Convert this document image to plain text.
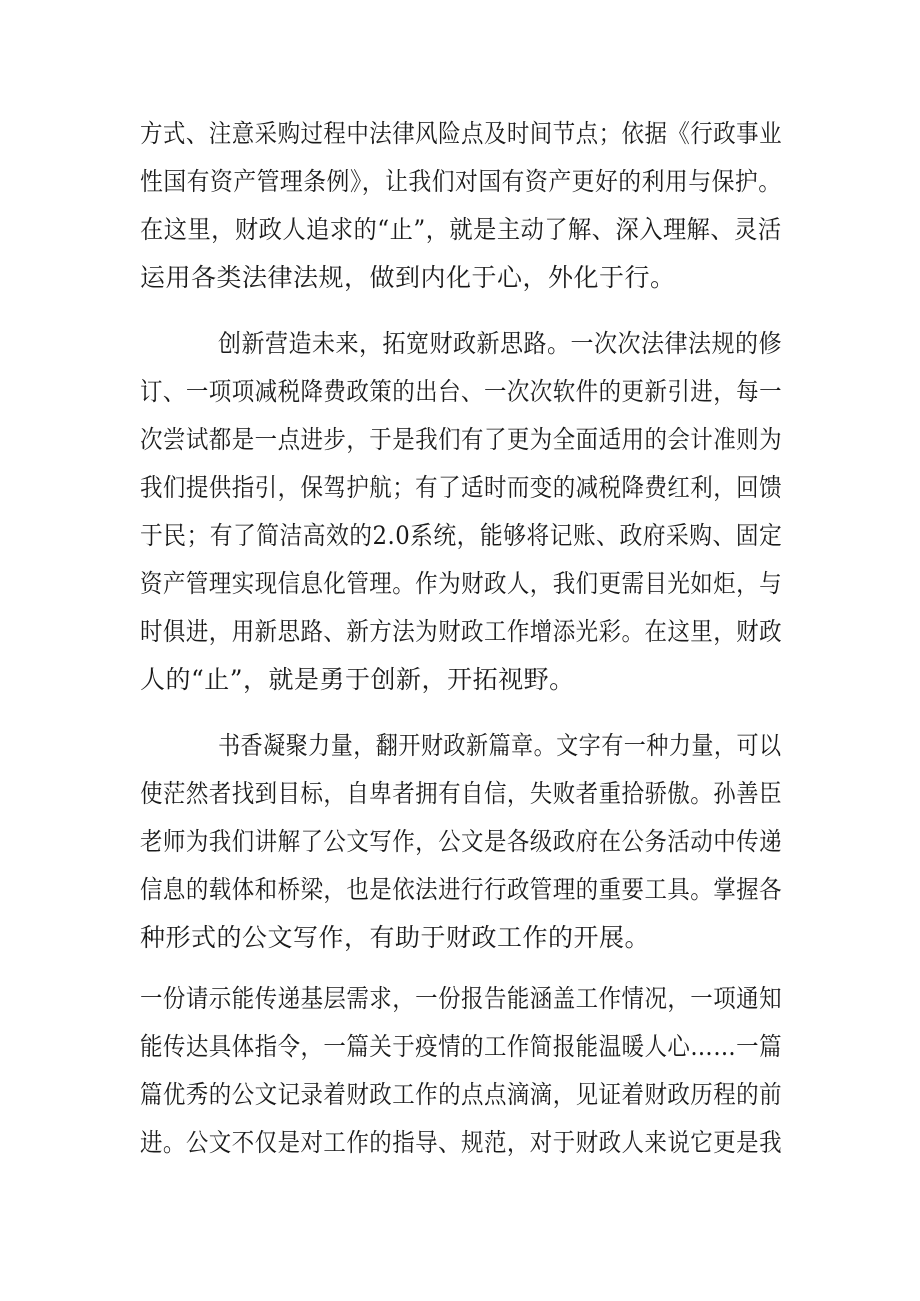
方式、注意采购过程中法律风险点及时间节点；依据《行政事业
性国有资产管理条例》，让我们对国有资产更好的利用与保护。
在这里，财政人追求的“止”，就是主动了解、深入理解、灵活
运用各类法律法规，做到内化于心，外化于行。
创新营造未来，拓宽财政新思路。一次次法律法规的修
订、一项项减税降费政策的出台、一次次软件的更新引进，每一
次尝试都是一点进步，于是我们有了更为全面适用的会计准则为
我们提供指引，保驾护航；有了适时而变的减税降费红利，回馈
于民；有了简洁高效的2.0系统，能够将记账、政府采购、固定
资产管理实现信息化管理。作为财政人，我们更需目光如炬，与
时俱进，用新思路、新方法为财政工作增添光彩。在这里，财政
人的“止”，就是勇于创新，开拓视野。
书香凝聚力量，翻开财政新篇章。文字有一种力量，可以
使茫然者找到目标，自卑者拥有自信，失败者重拾骄傲。孙善臣
老师为我们讲解了公文写作，公文是各级政府在公务活动中传递
信息的载体和桥梁，也是依法进行行政管理的重要工具。掌握各
种形式的公文写作，有助于财政工作的开展。
一份请示能传递基层需求，一份报告能涵盖工作情况，一项通知
能传达具体指令，一篇关于疫情的工作简报能温暖人心……一篇
篇优秀的公文记录着财政工作的点点滴滴，见证着财政历程的前
进。公文不仅是对工作的指导、规范，对于财政人来说它更是我
